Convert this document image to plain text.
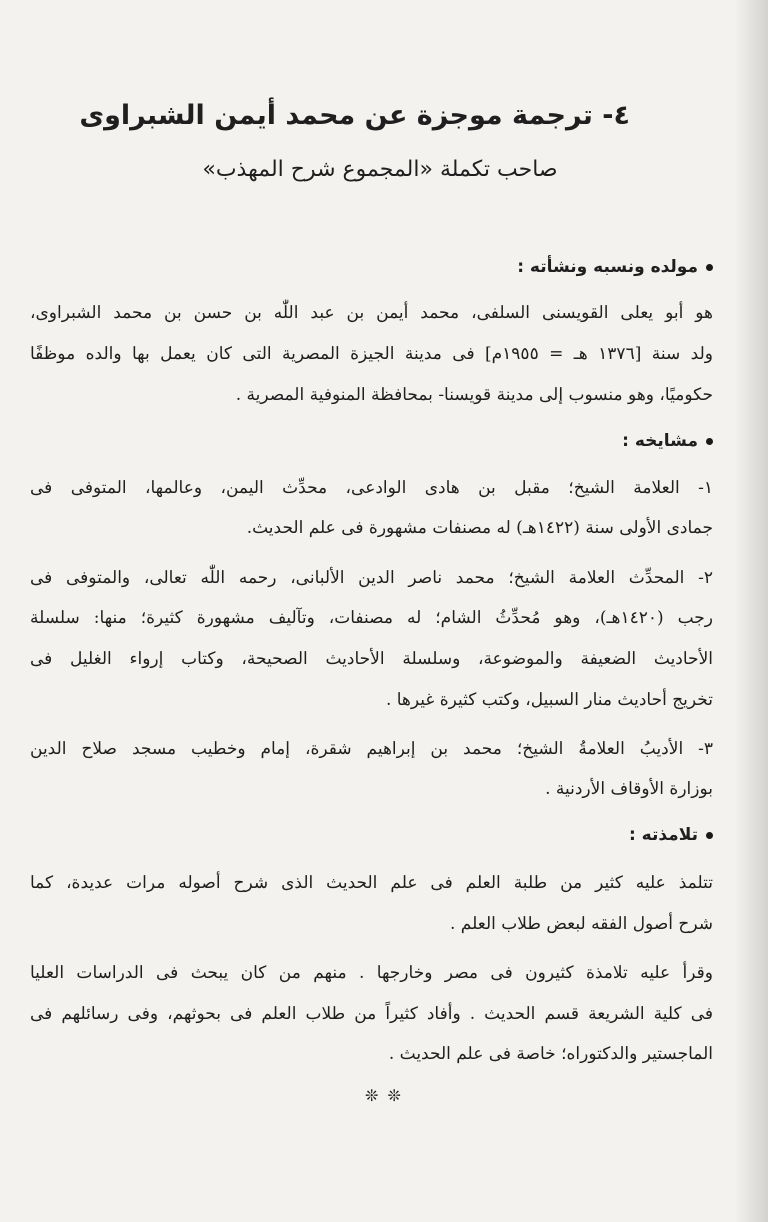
٤- ترجمة موجزة عن محمد أيمن الشبراوى
صاحب تكملة «المجموع شرح المهذب»
مولده ونسبه ونشأته :
هو أبو يعلى القويسنى السلفى، محمد أيمن بن عبد اللّٰه بن حسن بن محمد الشبراوى،
ولد سنة [١٣٧٦ هـ = ١٩٥٥م] فى مدينة الجيزة المصرية التى كان يعمل بها والده موظفًا
حكوميًا، وهو منسوب إلى مدينة قويسنا- بمحافظة المنوفية المصرية .
مشايخه :
١- العلامة الشيخ؛ مقبل بن هادى الوادعى، محدِّث اليمن، وعالمها، المتوفى فى
جمادى الأولى سنة (١٤٢٢هـ) له مصنفات مشهورة فى علم الحديث.
٢- المحدِّث العلامة الشيخ؛ محمد ناصر الدين الألبانى، رحمه اللّٰه تعالى، والمتوفى فى
رجب (١٤٢٠هـ)، وهو مُحدِّثُ الشام؛ له مصنفات، وتآليف مشهورة كثيرة؛ منها: سلسلة
الأحاديث الضعيفة والموضوعة، وسلسلة الأحاديث الصحيحة، وكتاب إرواء الغليل فى
تخريج أحاديث منار السبيل، وكتب كثيرة غيرها .
٣- الأديبُ العلامةُ الشيخ؛ محمد بن إبراهيم شقرة، إمام وخطيب مسجد صلاح الدين
بوزارة الأوقاف الأردنية .
تلامذته :
تتلمذ عليه كثير من طلبة العلم فى علم الحديث الذى شرح أصوله مرات عديدة، كما
شرح أصول الفقه لبعض طلاب العلم .
وقرأ عليه تلامذة كثيرون فى مصر وخارجها . منهم من كان يبحث فى الدراسات العليا
فى كلية الشريعة قسم الحديث . وأفاد كثيراً من طلاب العلم فى بحوثهم، وفى رسائلهم فى
الماجستير والدكتوراه؛ خاصة فى علم الحديث .
❊ ❊
